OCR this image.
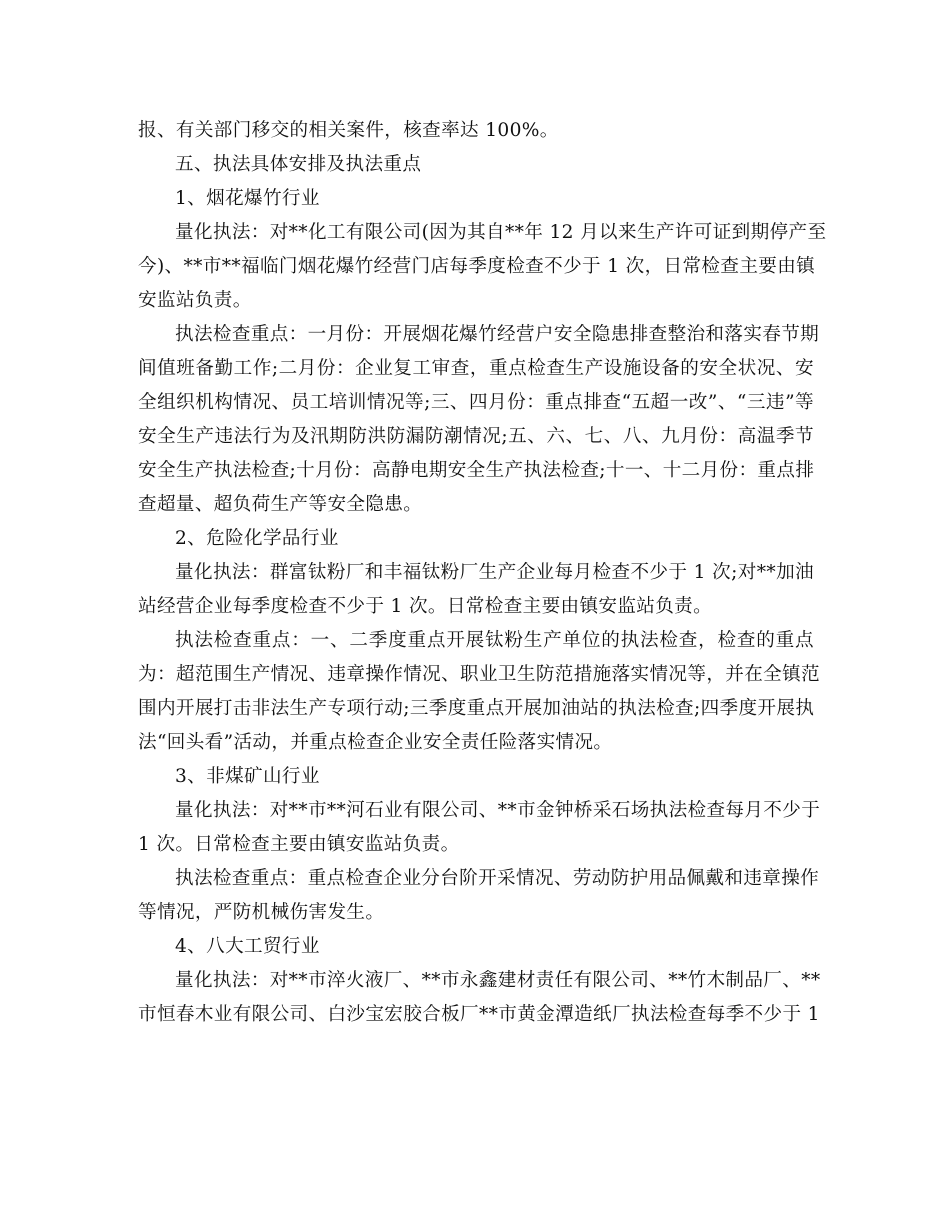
报、有关部门移交的相关案件，核查率达 100%。
五、执法具体安排及执法重点
1、烟花爆竹行业
量化执法：对**化工有限公司(因为其自**年 12 月以来生产许可证到期停产至
今)、**市**福临门烟花爆竹经营门店每季度检查不少于 1 次，日常检查主要由镇
安监站负责。
执法检查重点：一月份：开展烟花爆竹经营户安全隐患排查整治和落实春节期
间值班备勤工作;二月份：企业复工审查，重点检查生产设施设备的安全状况、安
全组织机构情况、员工培训情况等;三、四月份：重点排查“五超一改”、“三违”等
安全生产违法行为及汛期防洪防漏防潮情况;五、六、七、八、九月份：高温季节
安全生产执法检查;十月份：高静电期安全生产执法检查;十一、十二月份：重点排
查超量、超负荷生产等安全隐患。
2、危险化学品行业
量化执法：群富钛粉厂和丰福钛粉厂生产企业每月检查不少于 1 次;对**加油
站经营企业每季度检查不少于 1 次。日常检查主要由镇安监站负责。
执法检查重点：一、二季度重点开展钛粉生产单位的执法检查，检查的重点
为：超范围生产情况、违章操作情况、职业卫生防范措施落实情况等，并在全镇范
围内开展打击非法生产专项行动;三季度重点开展加油站的执法检查;四季度开展执
法“回头看”活动，并重点检查企业安全责任险落实情况。
3、非煤矿山行业
量化执法：对**市**河石业有限公司、**市金钟桥采石场执法检查每月不少于
1 次。日常检查主要由镇安监站负责。
执法检查重点：重点检查企业分台阶开采情况、劳动防护用品佩戴和违章操作
等情况，严防机械伤害发生。
4、八大工贸行业
量化执法：对**市淬火液厂、**市永鑫建材责任有限公司、**竹木制品厂、**
市恒春木业有限公司、白沙宝宏胶合板厂**市黄金潭造纸厂执法检查每季不少于 1
